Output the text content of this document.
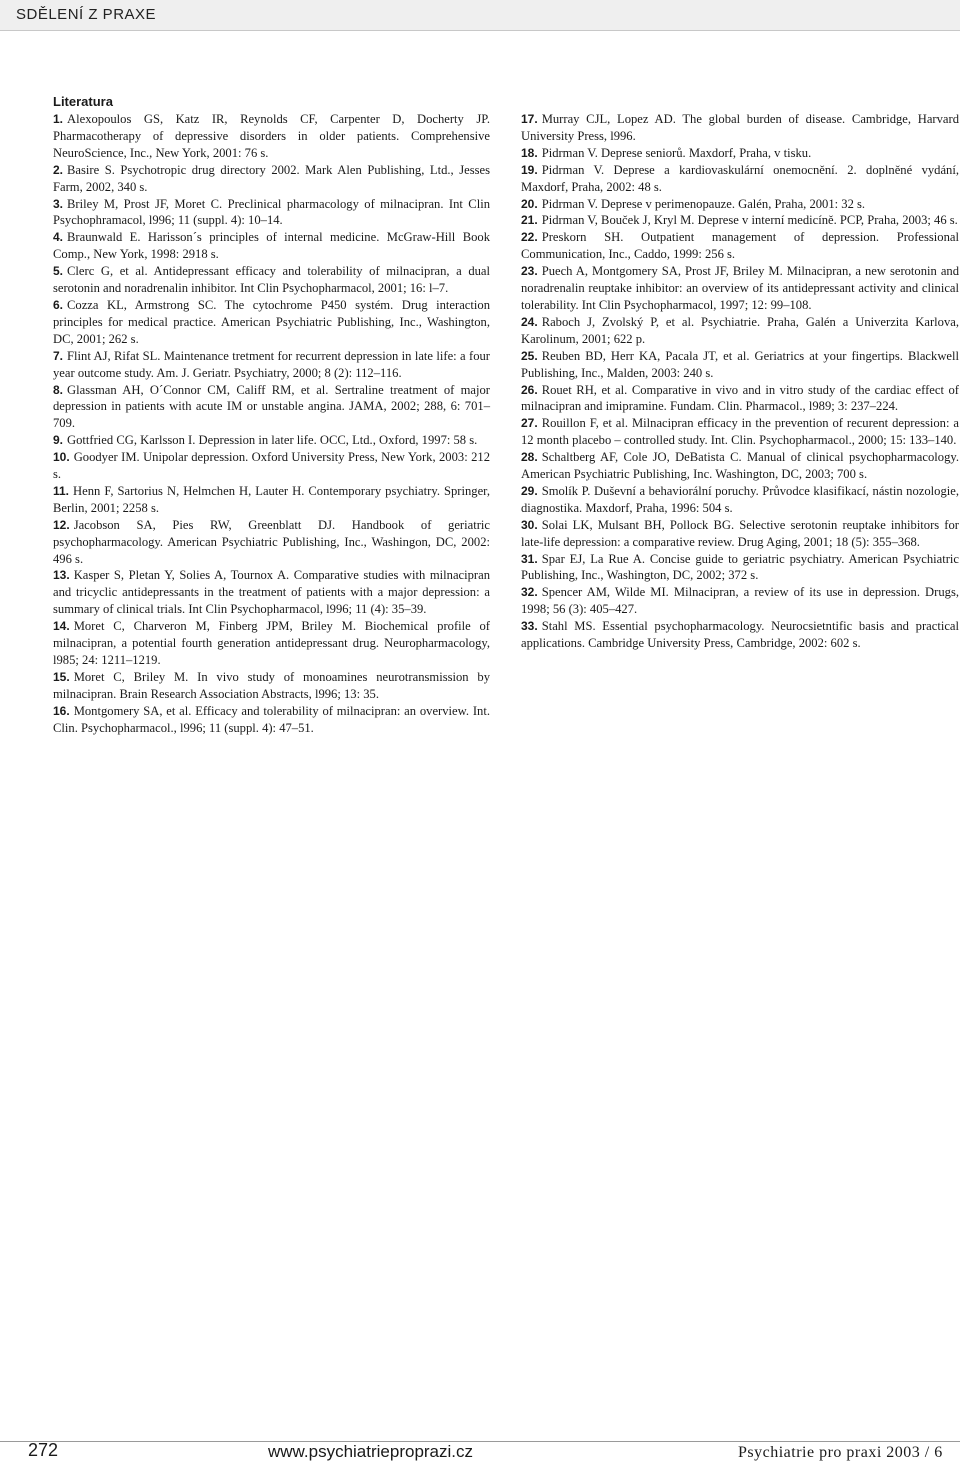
SDĚLENÍ Z PRAXE
Literatura
1. Alexopoulos GS, Katz IR, Reynolds CF, Carpenter D, Docherty JP. Pharmacotherapy of depressive disorders in older patients. Comprehensive NeuroScience, Inc., New York, 2001: 76 s.
2. Basire S. Psychotropic drug directory 2002. Mark Alen Publishing, Ltd., Jesses Farm, 2002, 340 s.
3. Briley M, Prost JF, Moret C. Preclinical pharmacology of milnacipran. Int Clin Psychophramacol, l996; 11 (suppl. 4): 10–14.
4. Braunwald E. Harisson´s principles of internal medicine. McGraw-Hill Book Comp., New York, 1998: 2918 s.
5. Clerc G, et al. Antidepressant efficacy and tolerability of milnacipran, a dual serotonin and noradrenalin inhibitor. Int Clin Psychopharmacol, 2001; 16: l–7.
6. Cozza KL, Armstrong SC. The cytochrome P450 systém. Drug interaction principles for medical practice. American Psychiatric Publishing, Inc., Washington, DC, 2001; 262 s.
7. Flint AJ, Rifat SL. Maintenance tretment for recurrent depression in late life: a four year outcome study. Am. J. Geriatr. Psychiatry, 2000; 8 (2): 112–116.
8. Glassman AH, O´Connor CM, Califf RM, et al. Sertraline treatment of major depression in patients with acute IM or unstable angina. JAMA, 2002; 288, 6: 701–709.
9. Gottfried CG, Karlsson I. Depression in later life. OCC, Ltd., Oxford, 1997: 58 s.
10. Goodyer IM. Unipolar depression. Oxford University Press, New York, 2003: 212 s.
11. Henn F, Sartorius N, Helmchen H, Lauter H. Contemporary psychiatry. Springer, Berlin, 2001; 2258 s.
12. Jacobson SA, Pies RW, Greenblatt DJ. Handbook of geriatric psychopharmacology. American Psychiatric Publishing, Inc., Washingon, DC, 2002: 496 s.
13. Kasper S, Pletan Y, Solies A, Tournox A. Comparative studies with milnacipran and tricyclic antidepressants in the treatment of patients with a major depression: a summary of clinical trials. Int Clin Psychopharmacol, l996; 11 (4): 35–39.
14. Moret C, Charveron M, Finberg JPM, Briley M. Biochemical profile of milnacipran, a potential fourth generation antidepressant drug. Neuropharmacology, l985; 24: 1211–1219.
15. Moret C, Briley M. In vivo study of monoamines neurotransmission by milnacipran. Brain Research Association Abstracts, l996; 13: 35.
16. Montgomery SA, et al. Efficacy and tolerability of milnacipran: an overview. Int. Clin. Psychopharmacol., l996; 11 (suppl. 4): 47–51.
17. Murray CJL, Lopez AD. The global burden of disease. Cambridge, Harvard University Press, l996.
18. Pidrman V. Deprese seniorů. Maxdorf, Praha, v tisku.
19. Pidrman V. Deprese a kardiovaskulární onemocnění. 2. doplněné vydání, Maxdorf, Praha, 2002: 48 s.
20. Pidrman V. Deprese v perimenopauze. Galén, Praha, 2001: 32 s.
21. Pidrman V, Bouček J, Kryl M. Deprese v interní medicíně. PCP, Praha, 2003; 46 s.
22. Preskorn SH. Outpatient management of depression. Professional Communication, Inc., Caddo, 1999: 256 s.
23. Puech A, Montgomery SA, Prost JF, Briley M. Milnacipran, a new serotonin and noradrenalin reuptake inhibitor: an overview of its antidepressant activity and clinical tolerability. Int Clin Psychopharmacol, 1997; 12: 99–108.
24. Raboch J, Zvolský P, et al. Psychiatrie. Praha, Galén a Univerzita Karlova, Karolinum, 2001; 622 p.
25. Reuben BD, Herr KA, Pacala JT, et al. Geriatrics at your fingertips. Blackwell Publishing, Inc., Malden, 2003: 240 s.
26. Rouet RH, et al. Comparative in vivo and in vitro study of the cardiac effect of milnacipran and imipramine. Fundam. Clin. Pharmacol., l989; 3: 237–224.
27. Rouillon F, et al. Milnacipran efficacy in the prevention of recurent depression: a 12 month placebo – controlled study. Int. Clin. Psychopharmacol., 2000; 15: 133–140.
28. Schaltberg AF, Cole JO, DeBatista C. Manual of clinical psychopharmacology. American Psychiatric Publishing, Inc. Washington, DC, 2003; 700 s.
29. Smolík P. Duševní a behaviorální poruchy. Průvodce klasifikací, nástin nozologie, diagnostika. Maxdorf, Praha, 1996: 504 s.
30. Solai LK, Mulsant BH, Pollock BG. Selective serotonin reuptake inhibitors for late-life depression: a comparative review. Drug Aging, 2001; 18 (5): 355–368.
31. Spar EJ, La Rue A. Concise guide to geriatric psychiatry. American Psychiatric Publishing, Inc., Washington, DC, 2002; 372 s.
32. Spencer AM, Wilde MI. Milnacipran, a review of its use in depression. Drugs, 1998; 56 (3): 405–427.
33. Stahl MS. Essential psychopharmacology. Neurocsietntific basis and practical applications. Cambridge University Press, Cambridge, 2002: 602 s.
272	www.psychiatrieproprazi.cz	Psychiatrie pro praxi 2003 / 6
